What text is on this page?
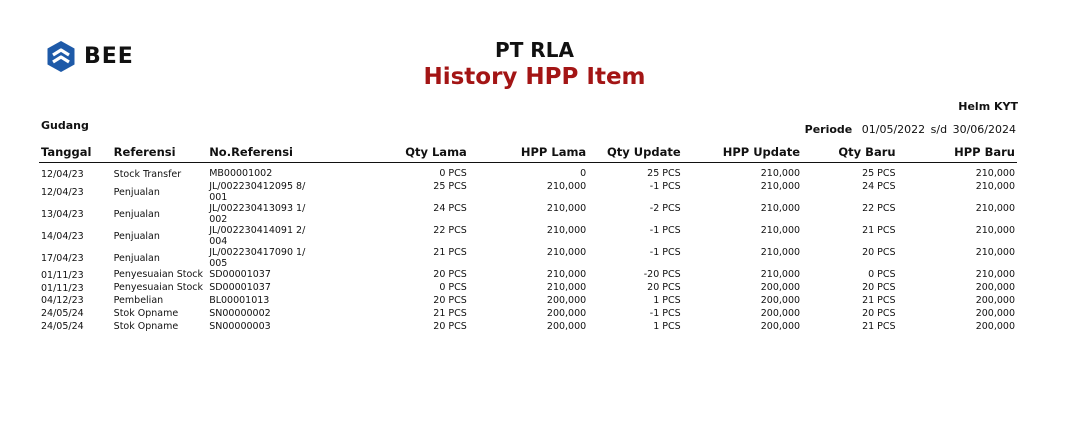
BEE	PT RLA
History HPP Item
Helm KYT
Gudang	Periode 01/05/2022 s/d 30/06/2024
Tanggal	Referensi	No.Referensi	Qty Lama	HPP Lama	Qty Update	HPP Update	Qty Baru	HPP Baru
12/04/23	Stock Transfer	MB00001002	0 PCS	0	25 PCS	210,000	25 PCS	210,000
12/04/23	Penjualan	JL/002230412095 8/001	25 PCS	210,000	-1 PCS	210,000	24 PCS	210,000
13/04/23	Penjualan	JL/002230413093 1/002	24 PCS	210,000	-2 PCS	210,000	22 PCS	210,000
14/04/23	Penjualan	JL/002230414091 2/004	22 PCS	210,000	-1 PCS	210,000	21 PCS	210,000
17/04/23	Penjualan	JL/002230417090 1/005	21 PCS	210,000	-1 PCS	210,000	20 PCS	210,000
01/11/23	Penyesuaian Stock	SD00001037	20 PCS	210,000	-20 PCS	210,000	0 PCS	210,000
01/11/23	Penyesuaian Stock	SD00001037	0 PCS	210,000	20 PCS	200,000	20 PCS	200,000
04/12/23	Pembelian	BL00001013	20 PCS	200,000	1 PCS	200,000	21 PCS	200,000
24/05/24	Stok Opname	SN00000002	21 PCS	200,000	-1 PCS	200,000	20 PCS	200,000
24/05/24	Stok Opname	SN00000003	20 PCS	200,000	1 PCS	200,000	21 PCS	200,000
